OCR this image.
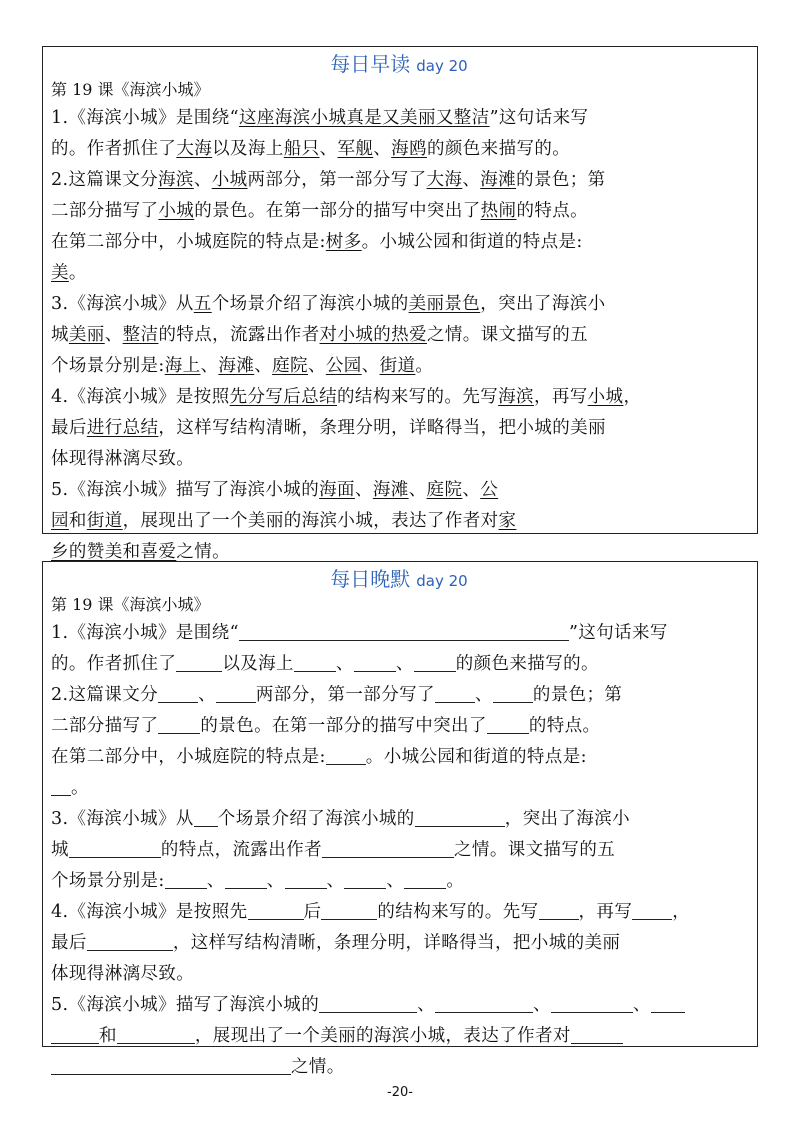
每日早读 day 20
第 19 课《海滨小城》
1.《海滨小城》是围绕“这座海滨小城真是又美丽又整洁”这句话来写
的。作者抓住了大海以及海上船只、军舰、海鸥的颜色来描写的。
2.这篇课文分海滨、小城两部分，第一部分写了大海、海滩的景色；第
二部分描写了小城的景色。在第一部分的描写中突出了热闹的特点。
在第二部分中，小城庭院的特点是:树多。小城公园和街道的特点是:
美。
3.《海滨小城》从五个场景介绍了海滨小城的美丽景色，突出了海滨小
城美丽、整洁的特点，流露出作者对小城的热爱之情。课文描写的五
个场景分别是:海上、海滩、庭院、公园、街道。
4.《海滨小城》是按照先分写后总结的结构来写的。先写海滨，再写小城，
最后进行总结，这样写结构清晰，条理分明，详略得当，把小城的美丽
体现得淋漓尽致。
5.《海滨小城》描写了海滨小城的海面、海滩、庭院、公
园和街道，展现出了一个美丽的海滨小城，表达了作者对家
乡的赞美和喜爱之情。
每日晚默 day 20
第 19 课《海滨小城》
1.《海滨小城》是围绕“	”这句话来写
的。作者抓住了	以及海上 、 、 的颜色来描写的。
2.这篇课文分 、 两部分，第一部分写了 、 的景色；第
二部分描写了 的景色。在第一部分的描写中突出了 的特点。
在第二部分中，小城庭院的特点是: 。小城公园和街道的特点是:
。
3.《海滨小城》从 个场景介绍了海滨小城的	，突出了海滨小
城	的特点，流露出作者	之情。课文描写的五
个场景分别是: 、 、 、 、 。
4.《海滨小城》是按照先	后	的结构来写的。先写 ，再写 ，
最后	，这样写结构清晰，条理分明，详略得当，把小城的美丽
体现得淋漓尽致。
5.《海滨小城》描写了海滨小城的	、	、	、
和	，展现出了一个美丽的海滨小城，表达了作者对
之情。
-20-
